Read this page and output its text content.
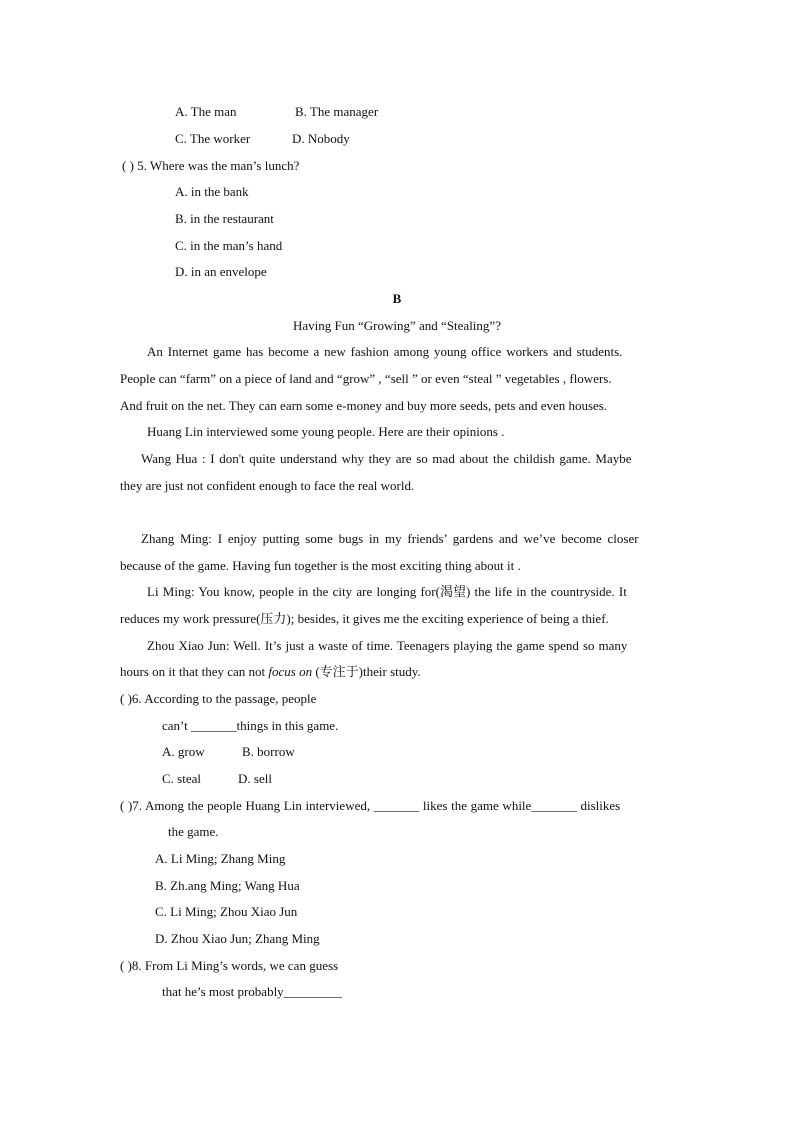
A. The man	B. The manager
C. The worker	D. Nobody
( ) 5. Where was the man’s lunch?
A. in the bank
B. in the restaurant
C. in the man’s hand
D. in an envelope
B
Having Fun “Growing” and “Stealing”?
An Internet game has become a new fashion among young office workers and students.
People can “farm” on a piece of land and “grow” , “sell ” or even “steal ” vegetables , flowers.
And fruit on the net. They can earn some e-money and buy more seeds, pets and even houses.
Huang Lin interviewed some young people. Here are their opinions .
Wang Hua : I don't quite understand why they are so mad about the childish game. Maybe
they are just not confident enough to face the real world.
Zhang Ming: I enjoy putting some bugs in my friends’ gardens and we’ve become closer
because of the game. Having fun together is the most exciting thing about it .
Li Ming: You know, people in the city are longing for(渴望) the life in the countryside. It
reduces my work pressure(压力); besides, it gives me the exciting experience of being a thief.
Zhou Xiao Jun: Well. It’s just a waste of time. Teenagers playing the game spend so many
hours on it that they can not focus on (专注于)their study.
( )6. According to the passage, people
can’t _______things in this game.
A. grow	B. borrow
C. steal	D. sell
( )7. Among the people Huang Lin interviewed, _______ likes the game while_______ dislikes
the game.
A. Li Ming; Zhang Ming
B. Zh.ang Ming; Wang Hua
C. Li Ming; Zhou Xiao Jun
D. Zhou Xiao Jun; Zhang Ming
( )8. From Li Ming’s words, we can guess
that he’s most probably_________
